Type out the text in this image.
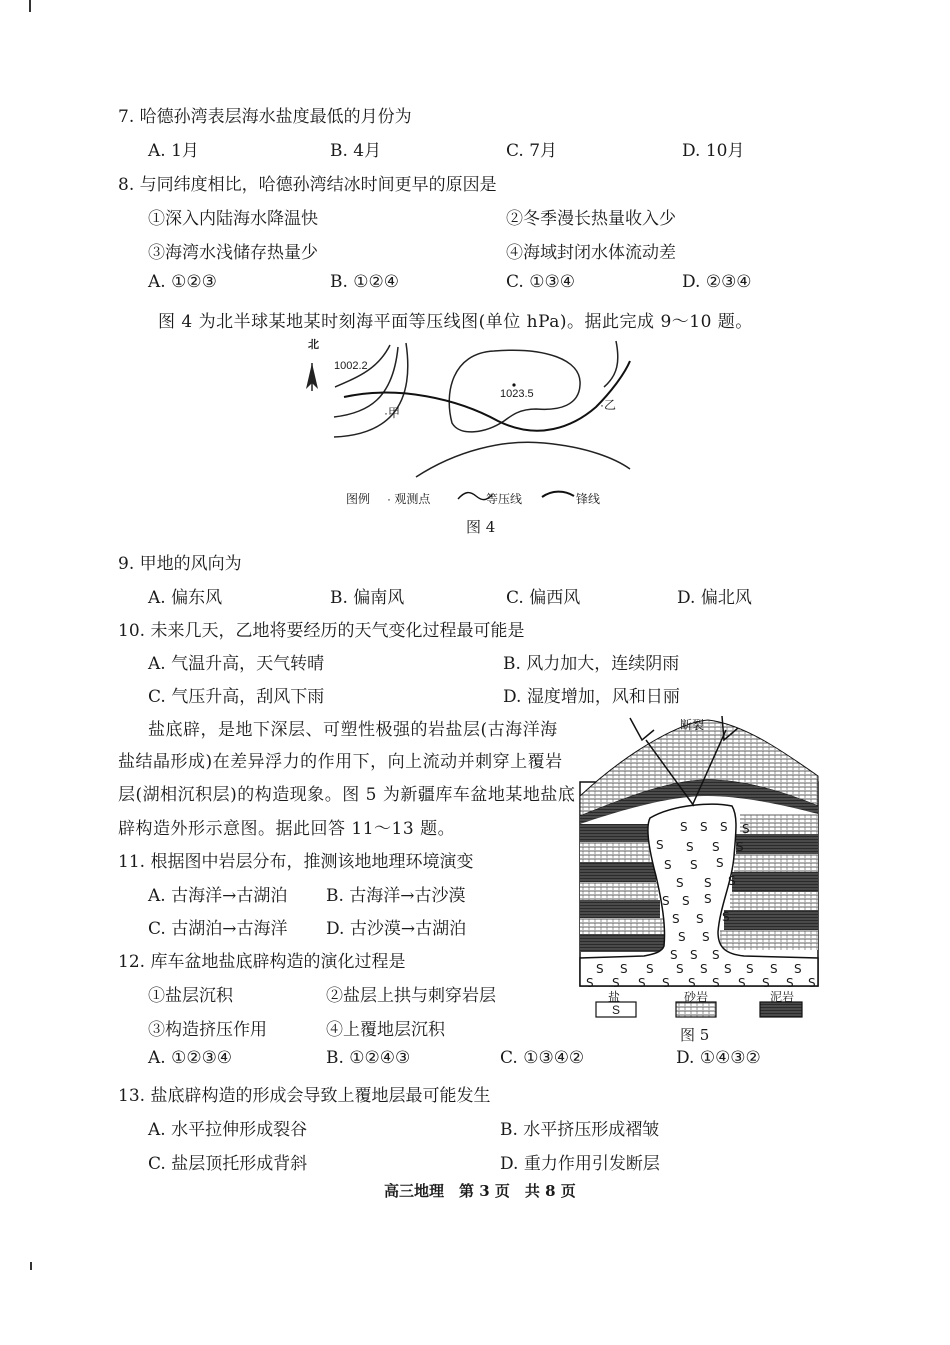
7. 哈德孙湾表层海水盐度最低的月份为
A. 1月	B. 4月	C. 7月	D. 10月
8. 与同纬度相比，哈德孙湾结冰时间更早的原因是
①深入内陆海水降温快	②冬季漫长热量收入少
③海湾水浅储存热量少	④海域封闭水体流动差
A. ①②③	B. ①②④	C. ①③④	D. ②③④
图 4 为北半球某地某时刻海平面等压线图(单位 hPa)。据此完成 9～10 题。
北
1002.2
1023.5
·甲
·乙
图例 · 观测点	等压线	锋线
图 4
9. 甲地的风向为
A. 偏东风	B. 偏南风	C. 偏西风	D. 偏北风
10. 未来几天，乙地将要经历的天气变化过程最可能是
A. 气温升高，天气转晴	B. 风力加大，连续阴雨
C. 气压升高，刮风下雨	D. 湿度增加，风和日丽
盐底辟，是地下深层、可塑性极强的岩盐层(古海洋海
盐结晶形成)在差异浮力的作用下，向上流动并刺穿上覆岩
层(湖相沉积层)的构造现象。图 5 为新疆库车盆地某地盐底
辟构造外形示意图。据此回答 11～13 题。	S S S S
S S S S
S S S
S S S
S S S
S S S
S S
S S S
S S S S S S S S S
S S S S S S S S S S
断裂
盐	砂岩	泥岩
S
图 5
11. 根据图中岩层分布，推测该地地理环境演变
A. 古海洋→古湖泊 B. 古海洋→古沙漠
C. 古湖泊→古海洋 D. 古沙漠→古湖泊
12. 库车盆地盐底辟构造的演化过程是
①盐层沉积	②盐层上拱与刺穿岩层
③构造挤压作用	④上覆地层沉积
A. ①②③④	B. ①②④③	C. ①③④②	D. ①④③②
13. 盐底辟构造的形成会导致上覆地层最可能发生
A. 水平拉伸形成裂谷	B. 水平挤压形成褶皱
C. 盐层顶托形成背斜	D. 重力作用引发断层
高三地理　第 3 页　共 8 页
